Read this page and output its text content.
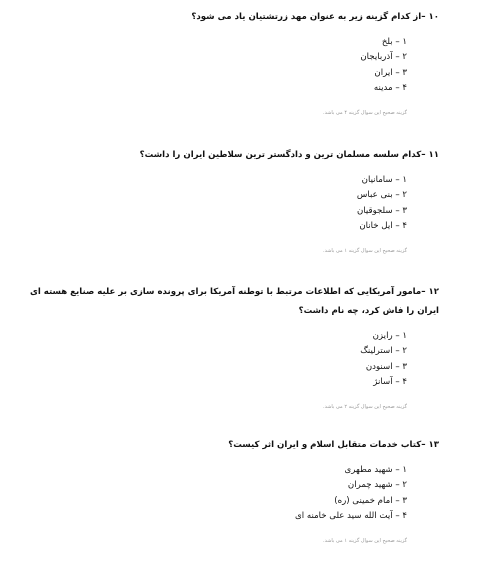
۱۰ –از کدام گزینه زیر به عنوان مهد زرتشتیان یاد می شود؟

۱ – بلخ
۲ – آذربایجان
۳ – ایران
۴ – مدینه

گزینه صحیح این سوال گزینه ۴ می باشد.

۱۱ –کدام سلسه مسلمان ترین و دادگستر ترین سلاطین ایران را داشت؟

۱ – سامانیان
۲ – بنی عباس
۳ – سلجوقیان
۴ – ایل خانان

گزینه صحیح این سوال گزینه ۱ می باشد.

۱۲ –مامور آمریکایی که اطلاعات مرتبط با توطنه آمریکا برای پرونده سازی بر علیه صنایع هسته ای ایران را فاش کرد، چه نام داشت؟

۱ – رایزن
۲ – استرلینگ
۳ – اسنودن
۴ – آسانژ

گزینه صحیح این سوال گزینه ۲ می باشد.

۱۳ –کتاب خدمات متقابل اسلام و ایران اثر کیست؟

۱ – شهید مطهری
۲ – شهید چمران
۳ – امام خمینی (ره)
۴ – آیت الله سید علی خامنه ای

گزینه صحیح این سوال گزینه ۱ می باشد.
